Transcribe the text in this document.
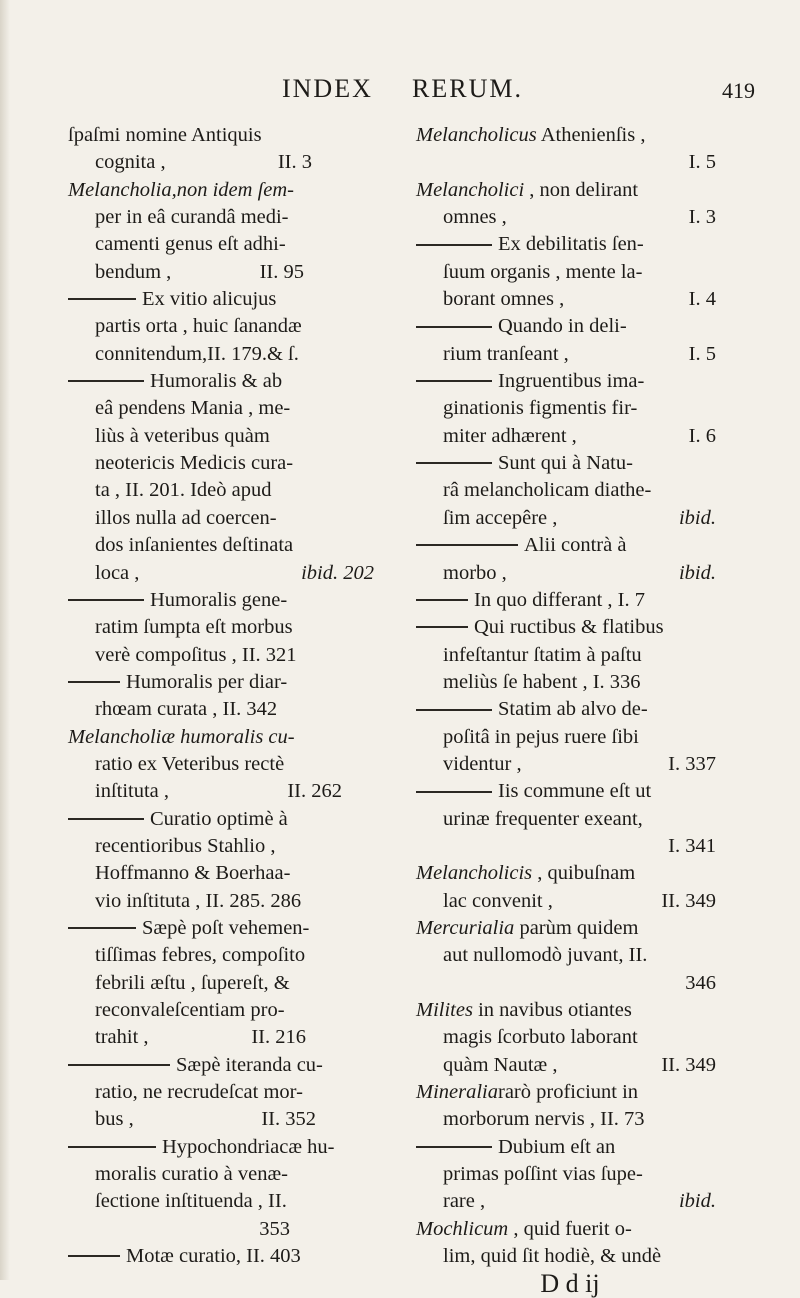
INDEX RERUM.	419
ſpaſmi nomine Antiquis
cognita ,	II. 3
Melancholia,non idem ſem-
per in eâ curandâ medi-
camenti genus eſt adhi-
bendum ,	II. 95
Ex vitio alicujus
partis orta , huic ſanandæ
connitendum,II. 179.& ſ.
Humoralis & ab
eâ pendens Mania , me-
liùs à veteribus quàm
neotericis Medicis cura-
ta , II. 201. Ideò apud
illos nulla ad coercen-
dos inſanientes deſtinata
loca ,	ibid. 202
Humoralis gene-
ratim ſumpta eſt morbus
verè compoſitus , II. 321
Humoralis per diar-
rhœam curata , II. 342
Melancholiæ humoralis cu-
ratio ex Veteribus rectè
inſtituta ,	II. 262
Curatio optimè à
recentioribus Stahlio ,
Hoffmanno & Boerhaa-
vio inſtituta , II. 285. 286
Sæpè poſt vehemen-
tiſſimas febres, compoſito
febrili æſtu , ſupereſt, &
reconvaleſcentiam pro-
trahit ,	II. 216
Sæpè iteranda cu-
ratio, ne recrudeſcat mor-
bus ,	II. 352
Hypochondriacæ hu-
moralis curatio à venæ-
ſectione inſtituenda , II.
353
Motæ curatio, II. 403
Melancholicus Athenienſis ,
I. 5
Melancholici , non delirant
omnes ,	I. 3
Ex debilitatis ſen-
ſuum organis , mente la-
borant omnes ,	I. 4
Quando in deli-
rium tranſeant ,	I. 5
Ingruentibus ima-
ginationis figmentis fir-
miter adhærent ,	I. 6
Sunt qui à Natu-
râ melancholicam diathe-
ſim accepêre ,	ibid.
Alii contrà à
morbo ,	ibid.
In quo differant , I. 7
Qui ructibus & flatibus
infeſtantur ſtatim à paſtu
meliùs ſe habent , I. 336
Statim ab alvo de-
poſitâ in pejus ruere ſibi
videntur ,	I. 337
Iis commune eſt ut
urinæ frequenter exeant,
I. 341
Melancholicis , quibuſnam
lac convenit ,	II. 349
Mercurialia parùm quidem
aut nullomodò juvant, II.
346
Milites in navibus otiantes
magis ſcorbuto laborant
quàm Nautæ ,	II. 349
Mineraliararò proficiunt in
morborum nervis , II. 73
Dubium eſt an
primas poſſint vias ſupe-
rare ,	ibid.
Mochlicum , quid fuerit o-
lim, quid ſit hodiè, & undè
D d ij
